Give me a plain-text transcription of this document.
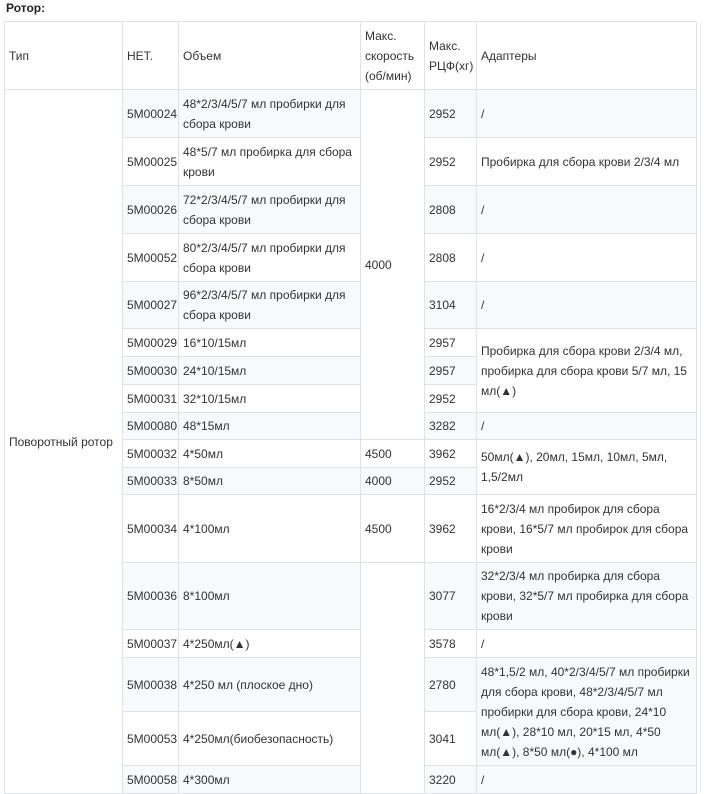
Ротор:
Тип	НЕТ.	Объем	Макс. скорость (об/мин)	Макс. РЦФ(хг)	Адаптеры
Поворотный ротор	5M00024	48*2/3/4/5/7 мл пробирки для сбора крови	4000	2952	/
	5M00025	48*5/7 мл пробирка для сбора крови		2952	Пробирка для сбора крови 2/3/4 мл
	5M00026	72*2/3/4/5/7 мл пробирки для сбора крови		2808	/
	5M00052	80*2/3/4/5/7 мл пробирки для сбора крови		2808	/
	5M00027	96*2/3/4/5/7 мл пробирки для сбора крови		3104	/
	5M00029	16*10/15мл		2957	Пробирка для сбора крови 2/3/4 мл, пробирка для сбора крови 5/7 мл, 15 мл(▲)
	5M00030	24*10/15мл		2957	
	5M00031	32*10/15мл		2952	
	5M00080	48*15мл		3282	/
	5M00032	4*50мл	4500	3962	50мл(▲), 20мл, 15мл, 10мл, 5мл, 1,5/2мл
	5M00033	8*50мл	4000	2952	
	5M00034	4*100мл	4500	3962	16*2/3/4 мл пробирок для сбора крови, 16*5/7 мл пробирок для сбора крови
	5M00036	8*100мл		3077	32*2/3/4 мл пробирка для сбора крови, 32*5/7 мл пробирка для сбора крови
	5M00037	4*250мл(▲)		3578	/
	5M00038	4*250 мл (плоское дно)		2780	48*1,5/2 мл, 40*2/3/4/5/7 мл пробирки для сбора крови, 48*2/3/4/5/7 мл пробирки для сбора крови, 24*10 мл(▲), 28*10 мл, 20*15 мл, 4*50 мл(▲), 8*50 мл(●), 4*100 мл
	5M00053	4*250мл(биобезопасность)		3041	
	5M00058	4*300мл		3220	/
